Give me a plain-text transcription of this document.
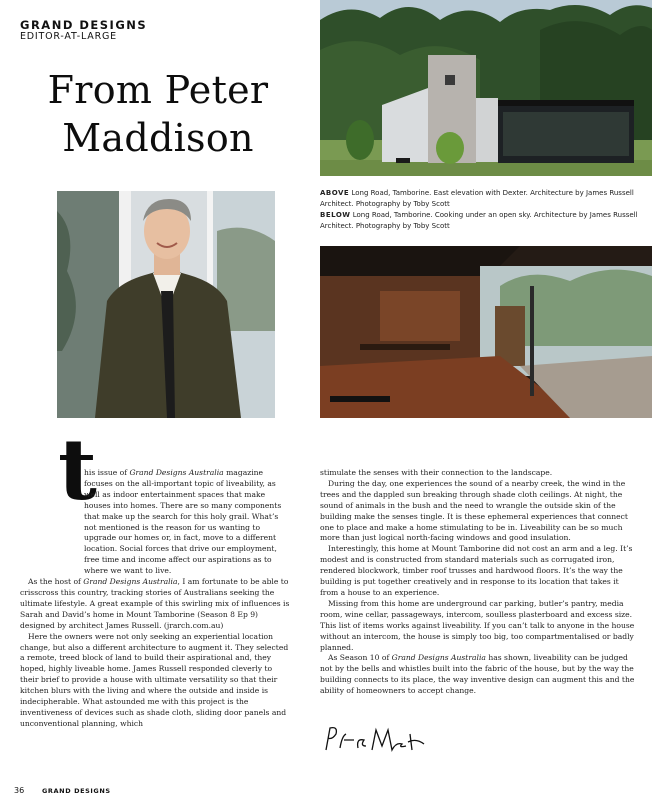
GRAND DESIGNS
EDITOR-AT-LARGE
From Peter
Maddison
ABOVE Long Road, Tamborine. East elevation with Dexter. Architecture by James Russell Architect. Photography by Toby Scott
BELOW Long Road, Tamborine. Cooking under an open sky. Architecture by James Russell Architect. Photography by Toby Scott
t

his issue of Grand Designs Australia magazine focuses on the all-important topic of liveability, as well as indoor entertainment spaces that make houses into homes. There are so many components that make up the search for this holy grail. What’s not mentioned is the reason for us wanting to upgrade our homes or, in fact, move to a different location. Social forces that drive our employment, free time and income affect our aspirations as to where we want to live.

As the host of Grand Designs Australia, I am fortunate to be able to crisscross this country, tracking stories of Australians seeking the ultimate lifestyle. A great example of this swirling mix of influences is Sarah and David’s home in Mount Tamborine (Season 8 Ep 9) designed by architect James Russell. (jrarch.com.au)

Here the owners were not only seeking an experiential location change, but also a different architecture to augment it. They selected a remote, treed block of land to build their aspirational and, they hoped, highly liveable home. James Russell responded cleverly to their brief to provide a house with ultimate versatility so that their kitchen blurs with the living and where the outside and inside is indecipherable. What astounded me with this project is the inventiveness of devices such as shade cloth, sliding door panels and unconventional planning, which

stimulate the senses with their connection to the landscape.

During the day, one experiences the sound of a nearby creek, the wind in the trees and the dappled sun breaking through shade cloth ceilings. At night, the sound of animals in the bush and the need to wrangle the outside skin of the building make the senses tingle. It is these ephemeral experiences that connect one to place and make a home stimulating to be in. Liveability can be so much more than just logical north-facing windows and good insulation.

Interestingly, this home at Mount Tamborine did not cost an arm and a leg. It’s modest and is constructed from standard materials such as corrugated iron, rendered blockwork, timber roof trusses and hardwood floors. It’s the way the building is put together creatively and in response to its location that takes it from a house to an experience.

Missing from this home are underground car parking, butler’s pantry, media room, wine cellar, passageways, intercom, soulless plasterboard and excess size. This list of items works against liveability. If you can’t talk to anyone in the house without an intercom, the house is simply too big, too compartmentalised or badly planned.

As Season 10 of Grand Designs Australia has shown, liveability can be judged not by the bells and whistles built into the fabric of the house, but by the way the building connects to its place, the way inventive design can augment this and the ability of homeowners to accept change.

36	GRAND DESIGNS
